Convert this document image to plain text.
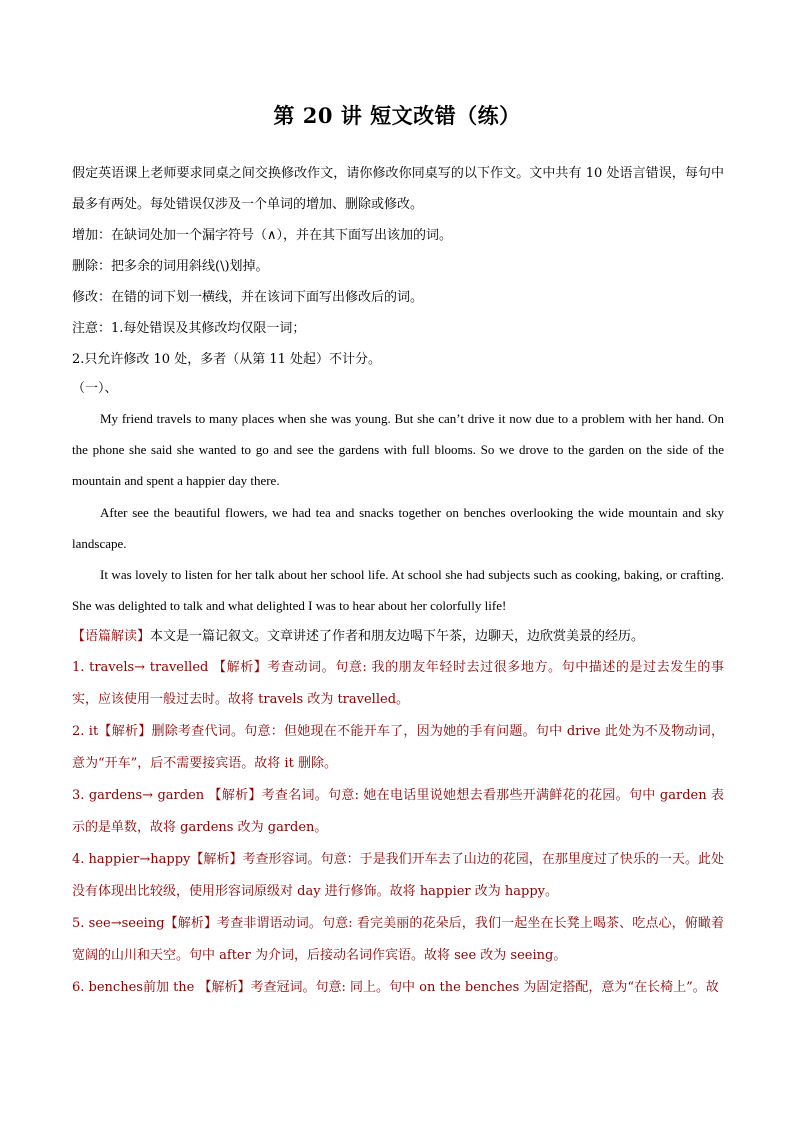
第 20 讲 短文改错（练）
假定英语课上老师要求同桌之间交换修改作文，请你修改你同桌写的以下作文。文中共有 10 处语言错误，每句中最多有两处。每处错误仅涉及一个单词的增加、删除或修改。
增加：在缺词处加一个漏字符号（∧），并在其下面写出该加的词。
删除：把多余的词用斜线(\)划掉。
修改：在错的词下划一横线，并在该词下面写出修改后的词。
注意：1.每处错误及其修改均仅限一词；
2.只允许修改 10 处，多者（从第 11 处起）不计分。
（一）、
My friend travels to many places when she was young. But she can’t drive it now due to a problem with her hand. On the phone she said she wanted to go and see the gardens with full blooms. So we drove to the garden on the side of the mountain and spent a happier day there.
After see the beautiful flowers, we had tea and snacks together on benches overlooking the wide mountain and sky landscape.
It was lovely to listen for her talk about her school life. At school she had subjects such as cooking, baking, or crafting. She was delighted to talk and what delighted I was to hear about her colorfully life!
【语篇解读】本文是一篇记叙文。文章讲述了作者和朋友边喝下午茶，边聊天，边欣赏美景的经历。
1. travels→ travelled 【解析】考查动词。句意: 我的朋友年轻时去过很多地方。句中描述的是过去发生的事实，应该使用一般过去时。故将 travels 改为 travelled。
2. it【解析】删除考查代词。句意：但她现在不能开车了，因为她的手有问题。句中 drive 此处为不及物动词，意为“开车”，后不需要接宾语。故将 it 删除。
3. gardens→ garden 【解析】考查名词。句意: 她在电话里说她想去看那些开满鲜花的花园。句中 garden 表示的是单数，故将 gardens 改为 garden。
4. happier→happy【解析】考查形容词。句意：于是我们开车去了山边的花园，在那里度过了快乐的一天。此处没有体现出比较级，使用形容词原级对 day 进行修饰。故将 happier 改为 happy。
5. see→seeing【解析】考查非谓语动词。句意: 看完美丽的花朵后，我们一起坐在长凳上喝茶、吃点心，俯瞰着宽阔的山川和天空。句中 after 为介词，后接动名词作宾语。故将 see 改为 seeing。
6. benches前加 the 【解析】考查冠词。句意: 同上。句中 on the benches 为固定搭配，意为“在长椅上”。故
